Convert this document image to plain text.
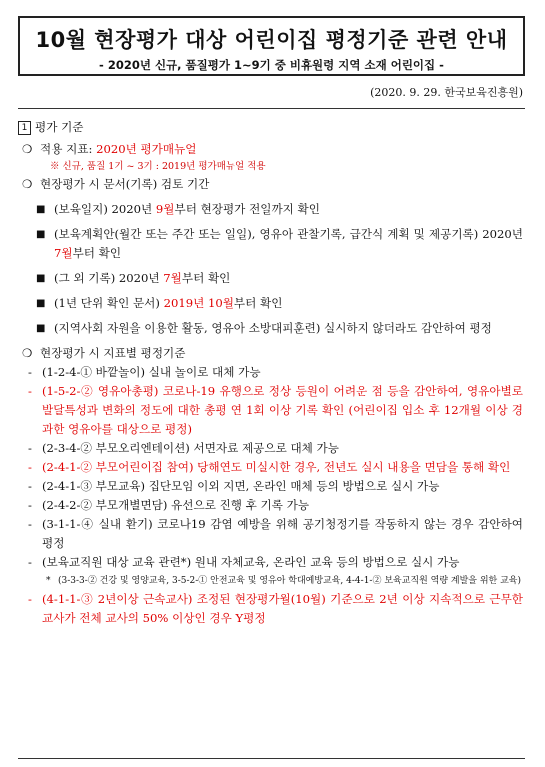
10월 현장평가 대상 어린이집 평정기준 관련 안내
- 2020년 신규, 품질평가 1~9기 중 비휴원령 지역 소재 어린이집 -
(2020. 9. 29. 한국보육진흥원)
1 평가 기준
❍ 적용 지표: 2020년 평가매뉴얼
※ 신규, 품질 1기 ~ 3기 : 2019년 평가매뉴얼 적용
❍ 현장평가 시 문서(기록) 검토 기간
■ (보육일지) 2020년 9월부터 현장평가 전일까지 확인
■ (보육계획안(월간 또는 주간 또는 일일), 영유아 관찰기록, 급간식 계획 및 제공기록) 2020년 7월부터 확인
■ (그 외 기록) 2020년 7월부터 확인
■ (1년 단위 확인 문서) 2019년 10월부터 확인
■ (지역사회 자원을 이용한 활동, 영유아 소방대피훈련) 실시하지 않더라도 감안하여 평정
❍ 현장평가 시 지표별 평정기준
- (1-2-4-① 바깥놀이) 실내 놀이로 대체 가능
- (1-5-2-② 영유아총평) 코로나-19 유행으로 정상 등원이 어려운 점 등을 감안하여, 영유아별로 발달특성과 변화의 정도에 대한 총평 연 1회 이상 기록 확인 (어린이집 입소 후 12개월 이상 경과한 영유아를 대상으로 평정)
- (2-3-4-② 부모오리엔테이션) 서면자료 제공으로 대체 가능
- (2-4-1-② 부모어린이집 참여) 당해연도 미실시한 경우, 전년도 실시 내용을 면담을 통해 확인
- (2-4-1-③ 부모교육) 집단모임 이외 지면, 온라인 매체 등의 방법으로 실시 가능
- (2-4-2-② 부모개별면담) 유선으로 진행 후 기록 가능
- (3-1-1-④ 실내 환기) 코로나19 감염 예방을 위해 공기청정기를 작동하지 않는 경우 감안하여 평정
- (보육교직원 대상 교육 관련*) 원내 자체교육, 온라인 교육 등의 방법으로 실시 가능
* (3-3-3-② 건강 및 영양교육, 3-5-2-① 안전교육 및 영유아 학대예방교육, 4-4-1-② 보육교직원 역량 계발을 위한 교육)
- (4-1-1-③ 2년이상 근속교사) 조정된 현장평가월(10월) 기준으로 2년 이상 지속적으로 근무한 교사가 전체 교사의 50% 이상인 경우 Y평정
